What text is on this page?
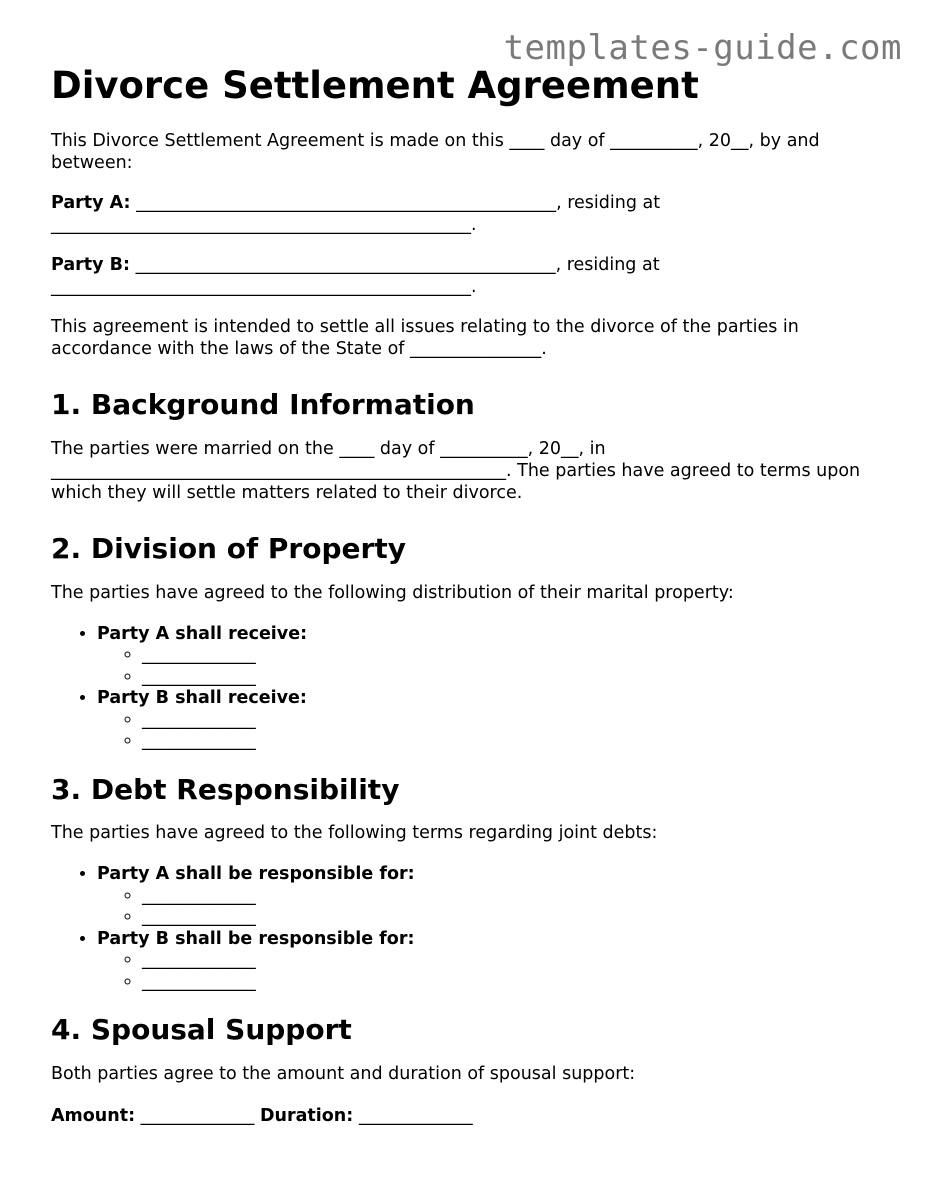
templates-guide.com
Divorce Settlement Agreement

This Divorce Settlement Agreement is made on this ____ day of __________, 20__, by and between:

Party A: ________________________________________________, residing at ________________________________________________.

Party B: ________________________________________________, residing at ________________________________________________.

This agreement is intended to settle all issues relating to the divorce of the parties in accordance with the laws of the State of _______________.

1. Background Information

The parties were married on the ____ day of __________, 20__, in ____________________________________________________. The parties have agreed to terms upon which they will settle matters related to their divorce.

2. Division of Property

The parties have agreed to the following distribution of their marital property:

• Party A shall receive:
◦ _____________
◦ _____________
• Party B shall receive:
◦ _____________
◦ _____________
3. Debt Responsibility

The parties have agreed to the following terms regarding joint debts:

• Party A shall be responsible for:
◦ _____________
◦ _____________
• Party B shall be responsible for:
◦ _____________
◦ _____________
4. Spousal Support

Both parties agree to the amount and duration of spousal support:

Amount: _____________ Duration: _____________
